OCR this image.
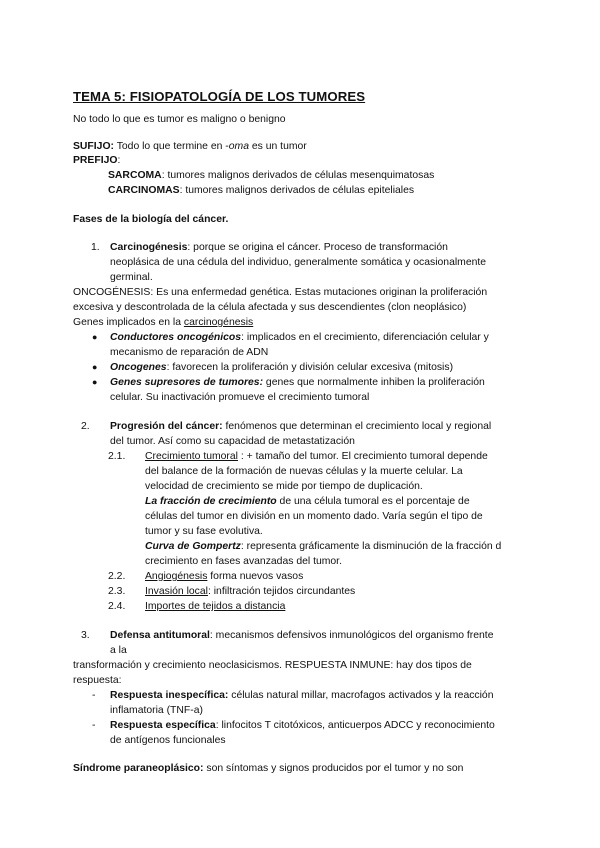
TEMA 5: FISIOPATOLOGÍA DE LOS TUMORES
No todo lo que es tumor es maligno o benigno
SUFIJO: Todo lo que termine en -oma es un tumor
PREFIJO:
SARCOMA: tumores malignos derivados de células mesenquimatosas
CARCINOMAS: tumores malignos derivados de células epiteliales
Fases de la biología del cáncer.
1. Carcinogénesis: porque se origina el cáncer. Proceso de transformación
neoplásica de una cédula del individuo, generalmente somática y ocasionalmente
germinal.
ONCOGÉNESIS: Es una enfermedad genética. Estas mutaciones originan la proliferación
excesiva y descontrolada de la célula afectada y sus descendientes (clon neoplásico)
Genes implicados en la carcinogénesis
● Conductores oncogénicos: implicados en el crecimiento, diferenciación celular y
mecanismo de reparación de ADN
● Oncogenes: favorecen la proliferación y división celular excesiva (mitosis)
● Genes supresores de tumores: genes que normalmente inhiben la proliferación
celular. Su inactivación promueve el crecimiento tumoral
2. Progresión del cáncer: fenómenos que determinan el crecimiento local y regional
del tumor. Así como su capacidad de metastatización
2.1. Crecimiento tumoral : + tamaño del tumor. El crecimiento tumoral depende
del balance de la formación de nuevas células y la muerte celular. La
velocidad de crecimiento se mide por tiempo de duplicación.
La fracción de crecimiento de una célula tumoral es el porcentaje de
células del tumor en división en un momento dado. Varía según el tipo de
tumor y su fase evolutiva.
Curva de Gompertz: representa gráficamente la disminución de la fracción d
crecimiento en fases avanzadas del tumor.
2.2. Angiogénesis forma nuevos vasos
2.3. Invasión local: infiltración tejidos circundantes
2.4. Importes de tejidos a distancia
3. Defensa antitumoral: mecanismos defensivos inmunológicos del organismo frente
a la
transformación y crecimiento neoclasicismos. RESPUESTA INMUNE: hay dos tipos de
respuesta:
- Respuesta inespecífica: células natural millar, macrofagos activados y la reacción
inflamatoria (TNF-a)
- Respuesta específica: linfocitos T citotóxicos, anticuerpos ADCC y reconocimiento
de antígenos funcionales
Síndrome paraneoplásico: son síntomas y signos producidos por el tumor y no son
